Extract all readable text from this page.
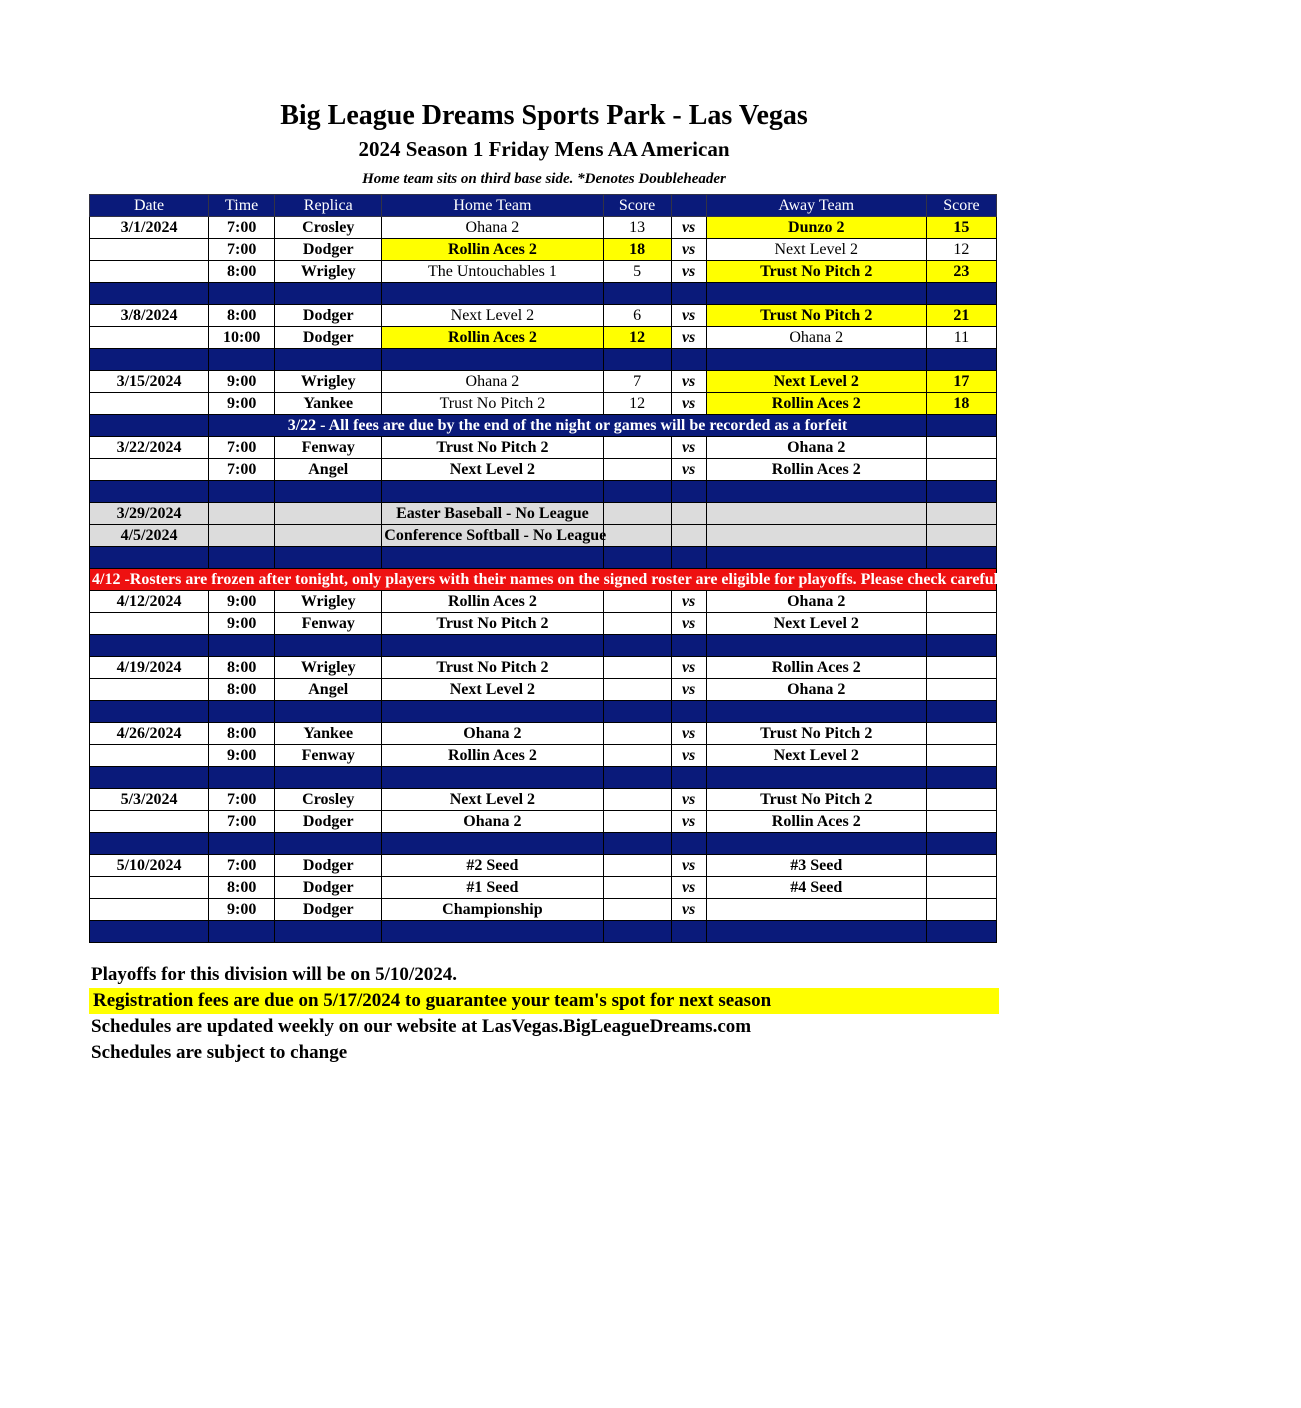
Big League Dreams Sports Park - Las Vegas
2024 Season 1 Friday Mens AA American
Home team sits on third base side. *Denotes Doubleheader
Date	Time	Replica	Home Team	Score		Away Team	Score
3/1/2024	7:00	Crosley	Ohana 2	13	vs	Dunzo 2	15
	7:00	Dodger	Rollin Aces 2	18	vs	Next Level 2	12
	8:00	Wrigley	The Untouchables 1	5	vs	Trust No Pitch 2	23

3/8/2024	8:00	Dodger	Next Level 2	6	vs	Trust No Pitch 2	21
	10:00	Dodger	Rollin Aces 2	12	vs	Ohana 2	11

3/15/2024	9:00	Wrigley	Ohana 2	7	vs	Next Level 2	17
	9:00	Yankee	Trust No Pitch 2	12	vs	Rollin Aces 2	18
	3/22 - All fees are due by the end of the night or games will be recorded as a forfeit						
3/22/2024	7:00	Fenway	Trust No Pitch 2		vs	Ohana 2	
	7:00	Angel	Next Level 2		vs	Rollin Aces 2	

3/29/2024			Easter Baseball - No League				
4/5/2024			Conference Softball - No League				

4/12 -Rosters are frozen after tonight, only players with their names on the signed roster are eligible for playoffs. Please check carefully as changes will not be made for omissions.							
4/12/2024	9:00	Wrigley	Rollin Aces 2		vs	Ohana 2	
	9:00	Fenway	Trust No Pitch 2		vs	Next Level 2	

4/19/2024	8:00	Wrigley	Trust No Pitch 2		vs	Rollin Aces 2	
	8:00	Angel	Next Level 2		vs	Ohana 2	

4/26/2024	8:00	Yankee	Ohana 2		vs	Trust No Pitch 2	
	9:00	Fenway	Rollin Aces 2		vs	Next Level 2	

5/3/2024	7:00	Crosley	Next Level 2		vs	Trust No Pitch 2	
	7:00	Dodger	Ohana 2		vs	Rollin Aces 2	

5/10/2024	7:00	Dodger	#2 Seed		vs	#3 Seed	
	8:00	Dodger	#1 Seed		vs	#4 Seed	
	9:00	Dodger	Championship		vs		

Playoffs for this division will be on 5/10/2024.
Registration fees are due on 5/17/2024 to guarantee your team's spot for next season
Schedules are updated weekly on our website at LasVegas.BigLeagueDreams.com
Schedules are subject to change
